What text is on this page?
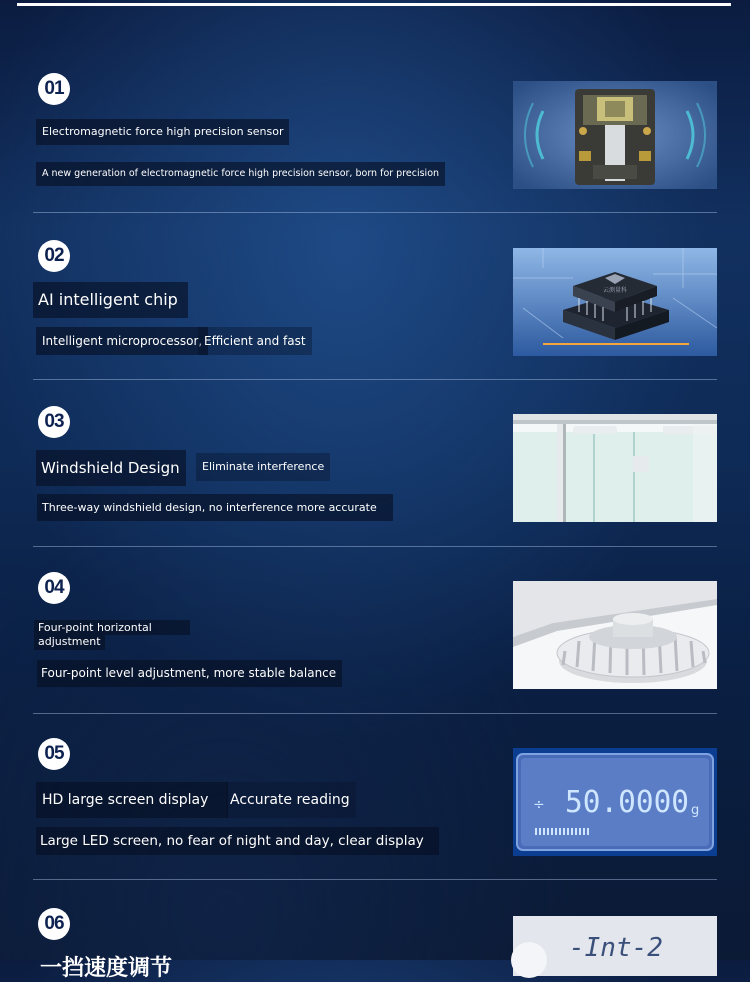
01
Electromagnetic force high precision sensor
A new generation of electromagnetic force high precision sensor, born for precision
02
AI intelligent chip
Intelligent microprocessor, Efficient and fast
云测量科
03
Windshield Design	Eliminate interference
Three-way windshield design, no interference more accurate
04
Four-point horizontal
adjustment
Four-point level adjustment, more stable balance
05
HD large screen display	Accurate reading
Large LED screen, no fear of night and day, clear display
÷ 50.0000 g
06
一挡速度调节
-Int-2
